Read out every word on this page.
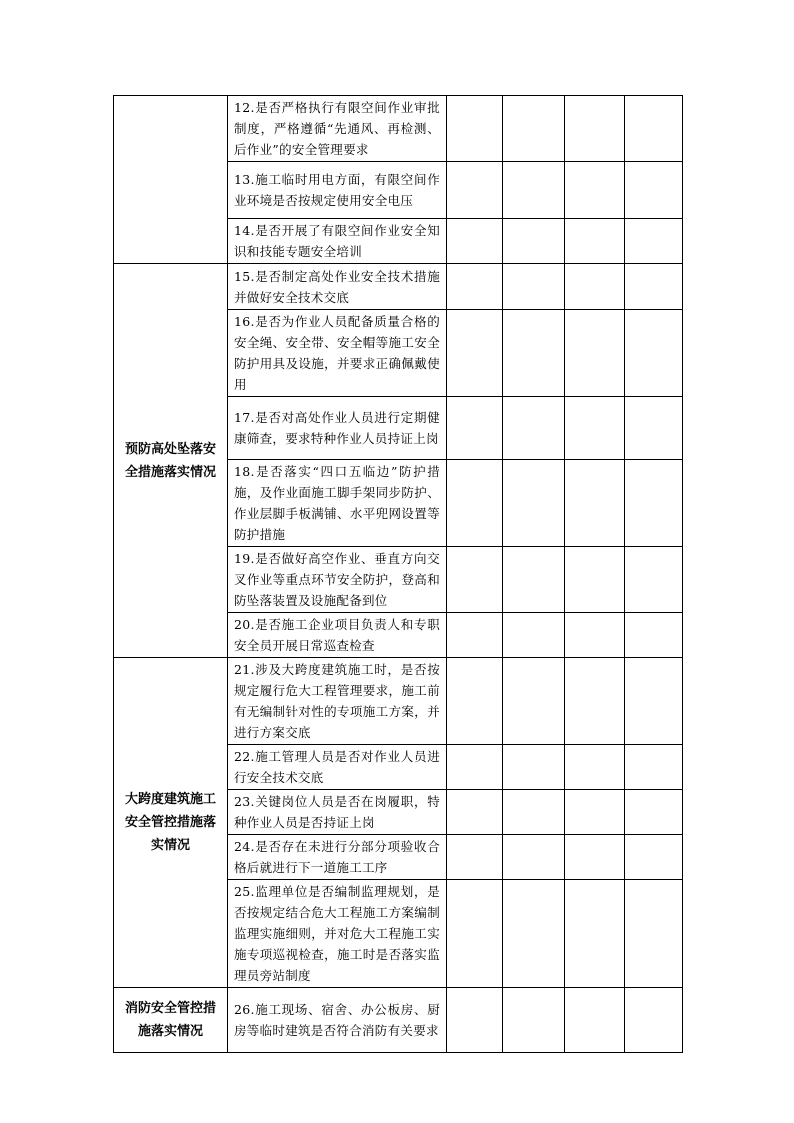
	12.是否严格执行有限空间作业审批制度，严格遵循“先通风、再检测、后作业”的安全管理要求				
	13.施工临时用电方面，有限空间作业环境是否按规定使用安全电压				
	14.是否开展了有限空间作业安全知识和技能专题安全培训				
预防高处坠落安全措施落实情况	15.是否制定高处作业安全技术措施并做好安全技术交底				
	16.是否为作业人员配备质量合格的安全绳、安全带、安全帽等施工安全防护用具及设施，并要求正确佩戴使用				
	17.是否对高处作业人员进行定期健康筛查，要求特种作业人员持证上岗				
	18.是否落实“四口五临边”防护措施，及作业面施工脚手架同步防护、作业层脚手板满铺、水平兜网设置等防护措施				
	19.是否做好高空作业、垂直方向交叉作业等重点环节安全防护，登高和防坠落装置及设施配备到位				
	20.是否施工企业项目负责人和专职安全员开展日常巡查检查				
大跨度建筑施工安全管控措施落实情况	21.涉及大跨度建筑施工时，是否按规定履行危大工程管理要求，施工前有无编制针对性的专项施工方案，并进行方案交底				
	22.施工管理人员是否对作业人员进行安全技术交底				
	23.关键岗位人员是否在岗履职，特种作业人员是否持证上岗				
	24.是否存在未进行分部分项验收合格后就进行下一道施工工序				
	25.监理单位是否编制监理规划，是否按规定结合危大工程施工方案编制监理实施细则，并对危大工程施工实施专项巡视检查，施工时是否落实监理员旁站制度				
消防安全管控措施落实情况	26.施工现场、宿舍、办公板房、厨房等临时建筑是否符合消防有关要求				
